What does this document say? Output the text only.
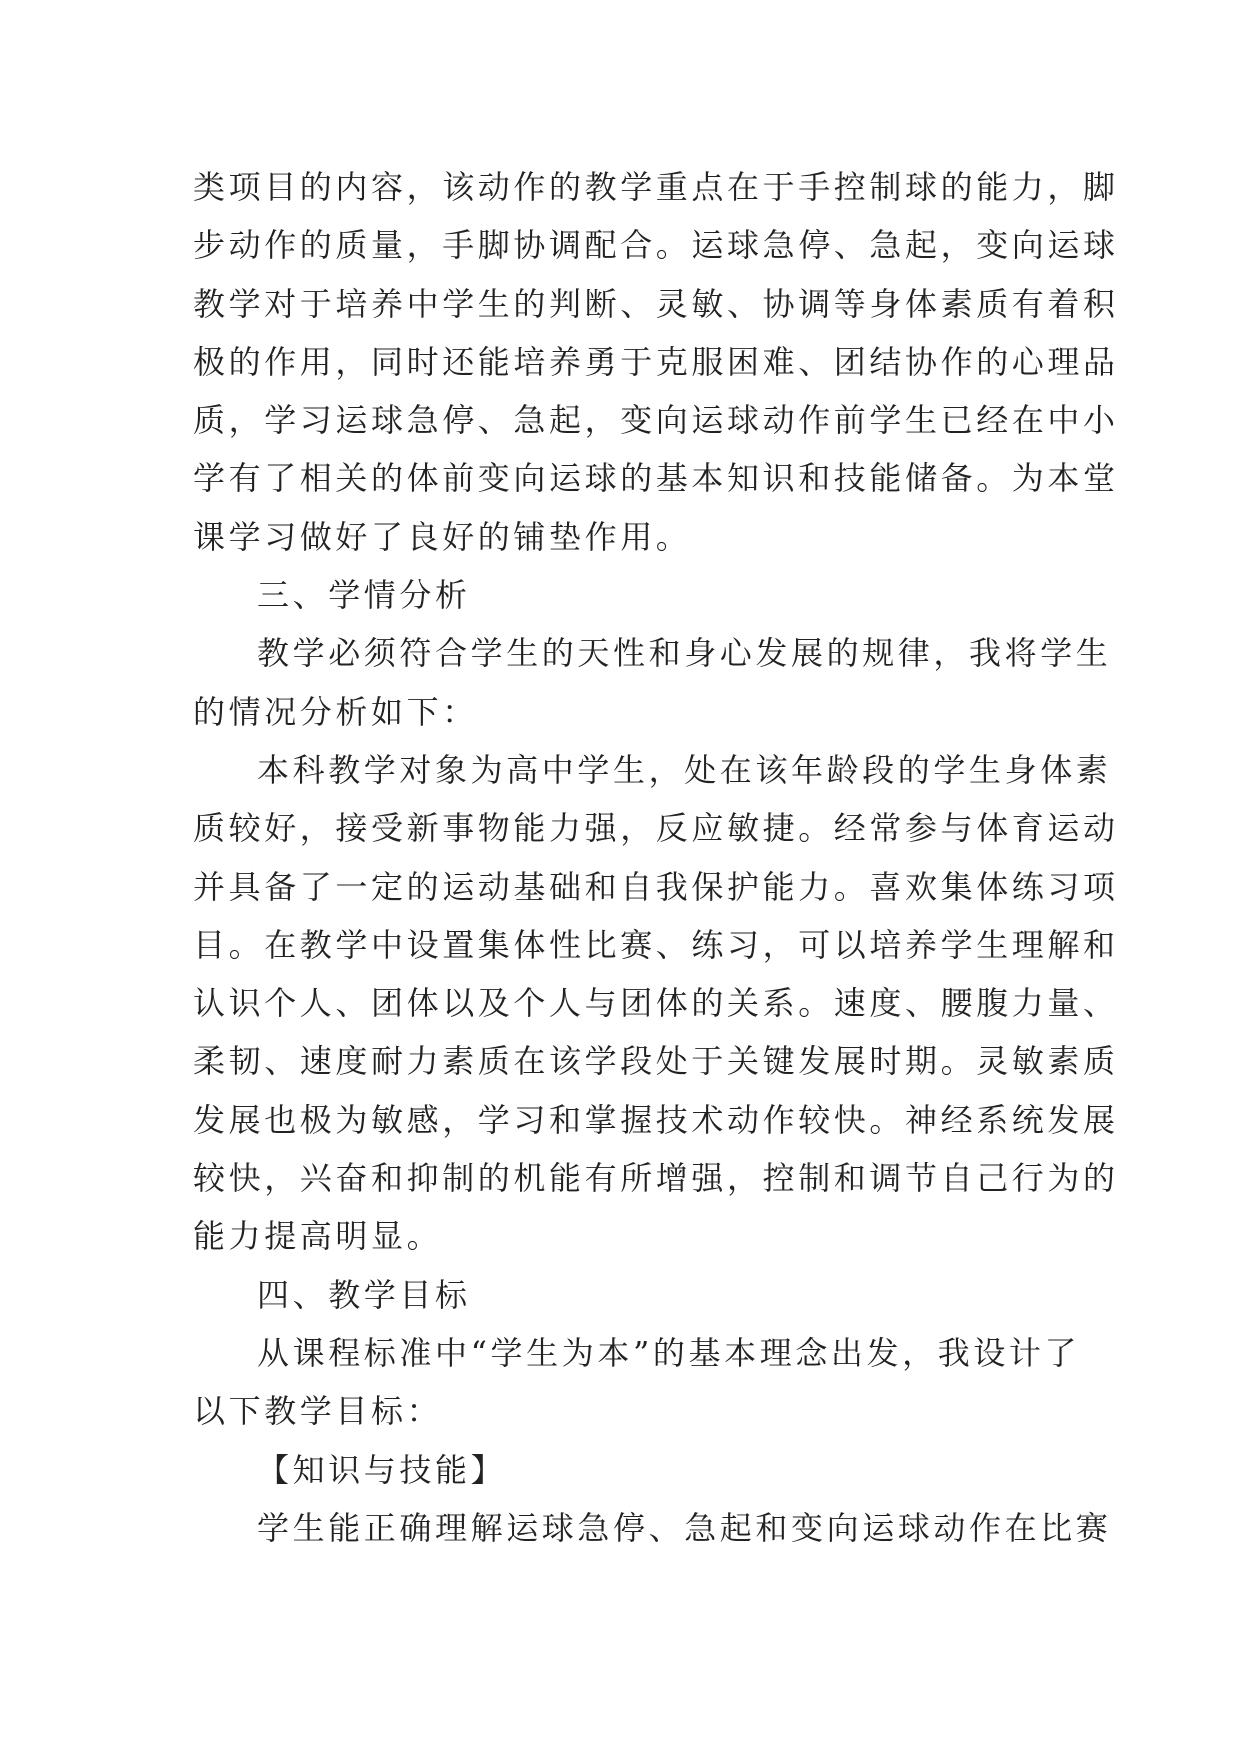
类项目的内容，该动作的教学重点在于手控制球的能力，脚
步动作的质量，手脚协调配合。运球急停、急起，变向运球
教学对于培养中学生的判断、灵敏、协调等身体素质有着积
极的作用，同时还能培养勇于克服困难、团结协作的心理品
质，学习运球急停、急起，变向运球动作前学生已经在中小
学有了相关的体前变向运球的基本知识和技能储备。为本堂
课学习做好了良好的铺垫作用。
三、学情分析
教学必须符合学生的天性和身心发展的规律，我将学生
的情况分析如下：
本科教学对象为高中学生，处在该年龄段的学生身体素
质较好，接受新事物能力强，反应敏捷。经常参与体育运动
并具备了一定的运动基础和自我保护能力。喜欢集体练习项
目。在教学中设置集体性比赛、练习，可以培养学生理解和
认识个人、团体以及个人与团体的关系。速度、腰腹力量、
柔韧、速度耐力素质在该学段处于关键发展时期。灵敏素质
发展也极为敏感，学习和掌握技术动作较快。神经系统发展
较快，兴奋和抑制的机能有所增强，控制和调节自己行为的
能力提高明显。
四、教学目标
从课程标准中“学生为本”的基本理念出发，我设计了
以下教学目标：
【知识与技能】
学生能正确理解运球急停、急起和变向运球动作在比赛
